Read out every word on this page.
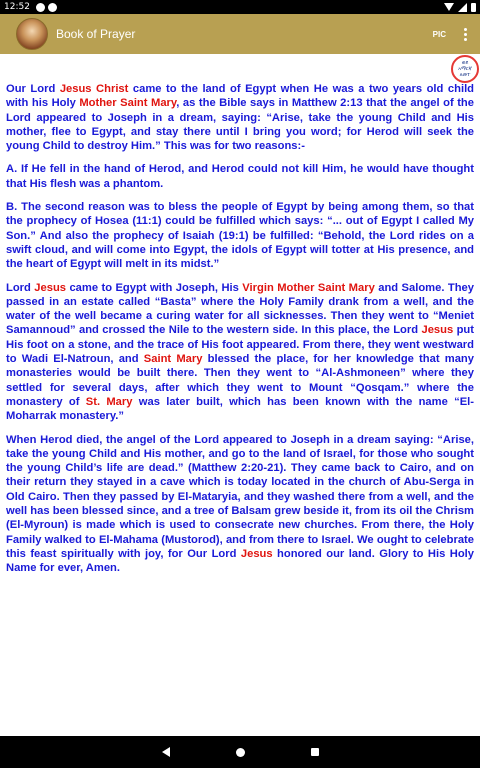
12:52
Book of Prayer	PIC
ወደ
አማርኛ
ለመተ

Our Lord Jesus Christ came to the land of Egypt when He was a two years old child with his Holy Mother Saint Mary, as the Bible says in Matthew 2:13 that the angel of the Lord appeared to Joseph in a dream, saying: “Arise, take the young Child and His mother, flee to Egypt, and stay there until I bring you word; for Herod will seek the young Child to destroy Him.” This was for two reasons:-

A. If He fell in the hand of Herod, and Herod could not kill Him, he would have thought that His flesh was a phantom.

B. The second reason was to bless the people of Egypt by being among them, so that the prophecy of Hosea (11:1) could be fulfilled which says: “... out of Egypt I called My Son.” And also the prophecy of Isaiah (19:1) be fulfilled: “Behold, the Lord rides on a swift cloud, and will come into Egypt, the idols of Egypt will totter at His presence, and the heart of Egypt will melt in its midst.”

Lord Jesus came to Egypt with Joseph, His Virgin Mother Saint Mary and Salome. They passed in an estate called “Basta” where the Holy Family drank from a well, and the water of the well became a curing water for all sicknesses. Then they went to “Meniet Samannoud” and crossed the Nile to the western side. In this place, the Lord Jesus put His foot on a stone, and the trace of His foot appeared. From there, they went westward to Wadi El-Natroun, and Saint Mary blessed the place, for her knowledge that many monasteries would be built there. Then they went to “Al-Ashmoneen” where they settled for several days, after which they went to Mount “Qosqam.” where the monastery of St. Mary was later built, which has been known with the name “El-Moharrak monastery.”

When Herod died, the angel of the Lord appeared to Joseph in a dream saying: “Arise, take the young Child and His mother, and go to the land of Israel, for those who sought the young Child’s life are dead.” (Matthew 2:20-21). They came back to Cairo, and on their return they stayed in a cave which is today located in the church of Abu-Serga in Old Cairo. Then they passed by El-Mataryia, and they washed there from a well, and the well has been blessed since, and a tree of Balsam grew beside it, from its oil the Chrism (El-Myroun) is made which is used to consecrate new churches. From there, the Holy Family walked to El-Mahama (Mustorod), and from there to Israel. We ought to celebrate this feast spiritually with joy, for Our Lord Jesus honored our land. Glory to His Holy Name for ever, Amen.
